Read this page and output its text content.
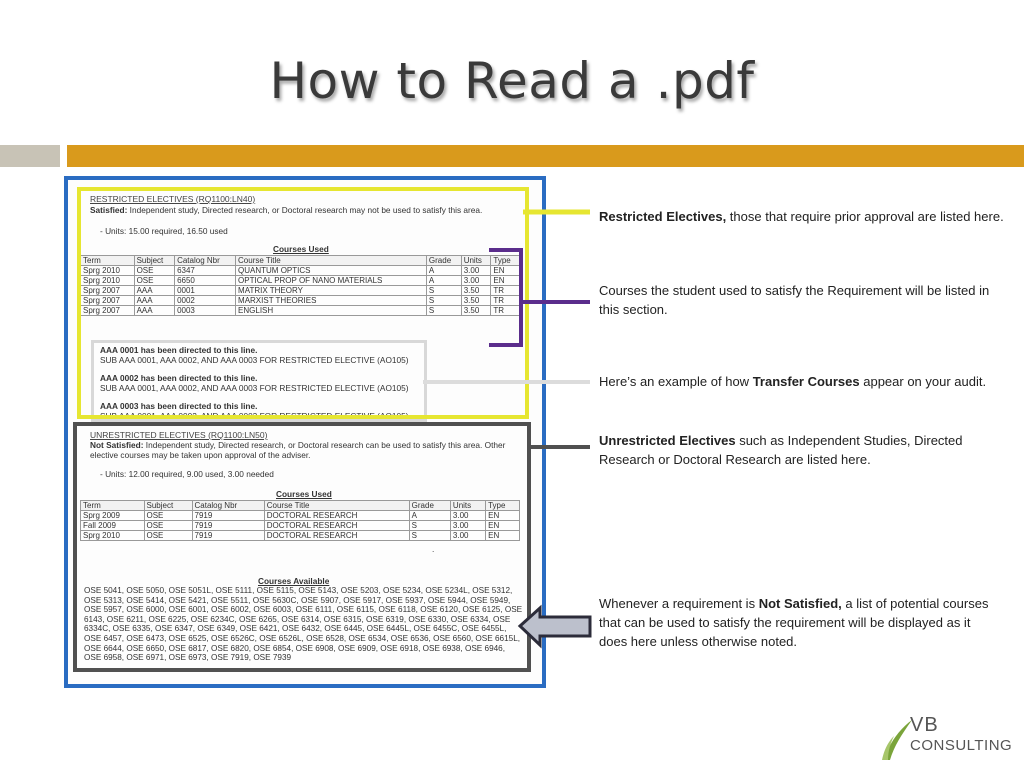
How to Read a .pdf
RESTRICTED ELECTIVES (RQ1100:LN40)
Satisfied: Independent study, Directed research, or Doctoral research may not be used to satisfy this area.
- Units: 15.00 required, 16.50 used
Courses Used
Term	Subject	Catalog Nbr	Course Title	Grade	Units	Type
Sprg 2010	OSE	6347	QUANTUM OPTICS	A	3.00	EN
Sprg 2010	OSE	6650	OPTICAL PROP OF NANO MATERIALS	A	3.00	EN
Sprg 2007	AAA	0001	MATRIX THEORY	S	3.50	TR
Sprg 2007	AAA	0002	MARXIST THEORIES	S	3.50	TR
Sprg 2007	AAA	0003	ENGLISH	S	3.50	TR
AAA 0001 has been directed to this line.
SUB AAA 0001, AAA 0002, AND AAA 0003 FOR RESTRICTED ELECTIVE (AO105)
AAA 0002 has been directed to this line.
SUB AAA 0001, AAA 0002, AND AAA 0003 FOR RESTRICTED ELECTIVE (AO105)
AAA 0003 has been directed to this line.
SUB AAA 0001, AAA 0002, AND AAA 0003 FOR RESTRICTED ELECTIVE (AO105)
UNRESTRICTED ELECTIVES (RQ1100:LN50)
Not Satisfied: Independent study, Directed research, or Doctoral research can be used to satisfy this area. Other
elective courses may be taken upon approval of the adviser.
- Units: 12.00 required, 9.00 used, 3.00 needed
Courses Used
Term	Subject	Catalog Nbr	Course Title	Grade	Units	Type
Sprg 2009	OSE	7919	DOCTORAL RESEARCH	A	3.00	EN
Fall 2009	OSE	7919	DOCTORAL RESEARCH	S	3.00	EN
Sprg 2010	OSE	7919	DOCTORAL RESEARCH	S	3.00	EN
.
Courses Available
OSE 5041, OSE 5050, OSE 5051L, OSE 5111, OSE 5115, OSE 5143, OSE 5203, OSE 5234, OSE 5234L, OSE 5312, OSE 5313, OSE 5414, OSE 5421, OSE 5511, OSE 5630C, OSE 5907, OSE 5917, OSE 5937, OSE 5944, OSE 5949, OSE 5957, OSE 6000, OSE 6001, OSE 6002, OSE 6003, OSE 6111, OSE 6115, OSE 6118, OSE 6120, OSE 6125, OSE 6143, OSE 6211, OSE 6225, OSE 6234C, OSE 6265, OSE 6314, OSE 6315, OSE 6319, OSE 6330, OSE 6334, OSE 6334C, OSE 6335, OSE 6347, OSE 6349, OSE 6421, OSE 6432, OSE 6445, OSE 6445L, OSE 6455C, OSE 6455L, OSE 6457, OSE 6473, OSE 6525, OSE 6526C, OSE 6526L, OSE 6528, OSE 6534, OSE 6536, OSE 6560, OSE 6615L, OSE 6644, OSE 6650, OSE 6817, OSE 6820, OSE 6854, OSE 6908, OSE 6909, OSE 6918, OSE 6938, OSE 6946, OSE 6958, OSE 6971, OSE 6973, OSE 7919, OSE 7939
Restricted Electives, those that require prior approval are listed here.
Courses the student used to satisfy the Requirement will be listed in this section.
Here’s an example of how Transfer Courses appear on your audit.
Unrestricted Electives such as Independent Studies, Directed Research or Doctoral Research are listed here.
Whenever a requirement is Not Satisfied, a list of potential courses that can be used to satisfy the requirement will be displayed as it does here unless otherwise noted.
VB
CONSULTING
